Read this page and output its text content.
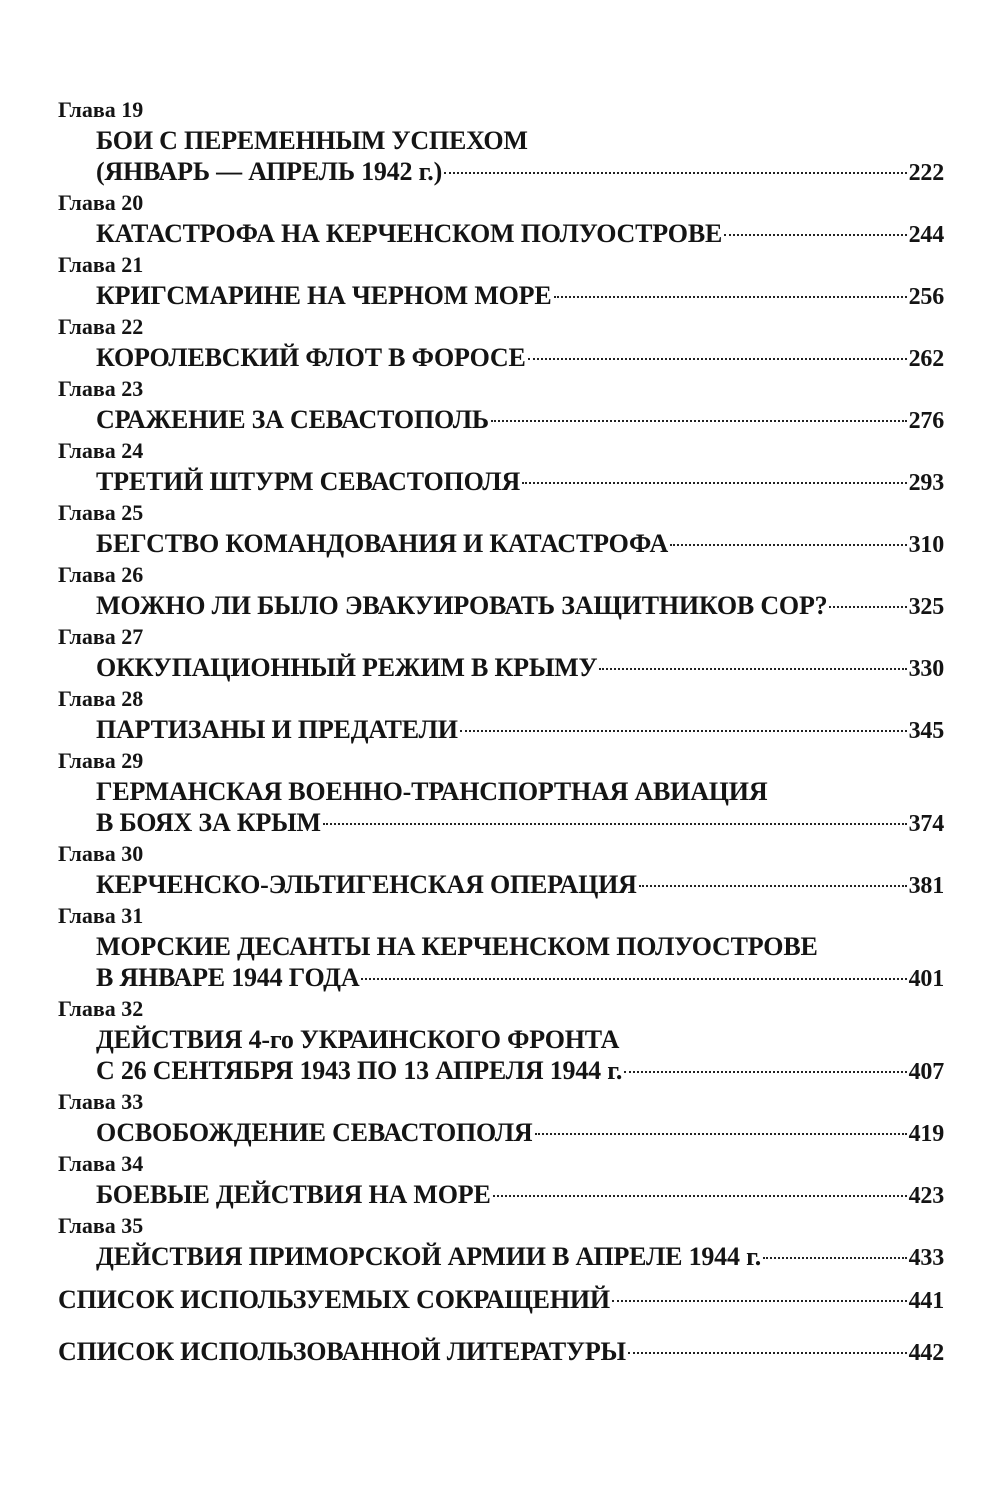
Глава 19
БОИ С ПЕРЕМЕННЫМ УСПЕХОМ
(ЯНВАРЬ — АПРЕЛЬ 1942 г.)	222
Глава 20
КАТАСТРОФА НА КЕРЧЕНСКОМ ПОЛУОСТРОВЕ	244
Глава 21
КРИГСМАРИНЕ НА ЧЕРНОМ МОРЕ	256
Глава 22
КОРОЛЕВСКИЙ ФЛОТ В ФОРОСЕ	262
Глава 23
СРАЖЕНИЕ ЗА СЕВАСТОПОЛЬ	276
Глава 24
ТРЕТИЙ ШТУРМ СЕВАСТОПОЛЯ	293
Глава 25
БЕГСТВО КОМАНДОВАНИЯ И КАТАСТРОФА	310
Глава 26
МОЖНО ЛИ БЫЛО ЭВАКУИРОВАТЬ ЗАЩИТНИКОВ СОР?	325
Глава 27
ОККУПАЦИОННЫЙ РЕЖИМ В КРЫМУ	330
Глава 28
ПАРТИЗАНЫ И ПРЕДАТЕЛИ	345
Глава 29
ГЕРМАНСКАЯ ВОЕННО-ТРАНСПОРТНАЯ АВИАЦИЯ
В БОЯХ ЗА КРЫМ	374
Глава 30
КЕРЧЕНСКО-ЭЛЬТИГЕНСКАЯ ОПЕРАЦИЯ	381
Глава 31
МОРСКИЕ ДЕСАНТЫ НА КЕРЧЕНСКОМ ПОЛУОСТРОВЕ
В ЯНВАРЕ 1944 ГОДА	401
Глава 32
ДЕЙСТВИЯ 4-го УКРАИНСКОГО ФРОНТА
С 26 СЕНТЯБРЯ 1943 ПО 13 АПРЕЛЯ 1944 г.	407
Глава 33
ОСВОБОЖДЕНИЕ СЕВАСТОПОЛЯ	419
Глава 34
БОЕВЫЕ ДЕЙСТВИЯ НА МОРЕ	423
Глава 35
ДЕЙСТВИЯ ПРИМОРСКОЙ АРМИИ В АПРЕЛЕ 1944 г.	433
СПИСОК ИСПОЛЬЗУЕМЫХ СОКРАЩЕНИЙ	441
СПИСОК ИСПОЛЬЗОВАННОЙ ЛИТЕРАТУРЫ	442
